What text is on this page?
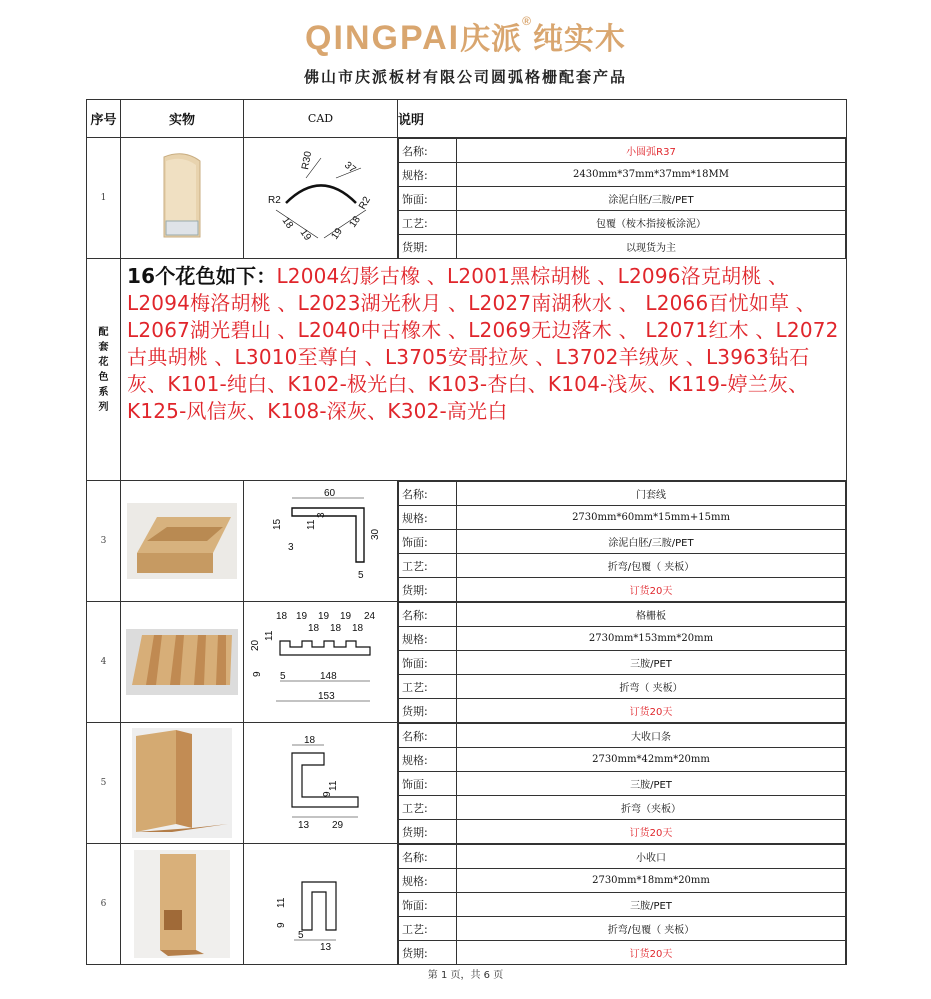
QINGPAI庆派®纯实木
佛山市庆派板材有限公司圆弧格栅配套产品
序号	实物	CAD	说明
1	

R30	37
R2	R2
18
19 19
18

名称:	小圆弧R37
规格:	2430mm*37mm*37mm*18MM
饰面:	涂泥白胚/三胺/PET
工艺:	包覆（桉木指接板涂泥）
货期:	以现货为主

配套花色系列

16个花色如下：L2004幻影古橡 、L2001黑棕胡桃 、L2096洛克胡桃 、L2094梅洛胡桃 、L2023湖光秋月 、L2027南湖秋水 、 L2066百忧如草 、L2067湖光碧山 、L2040中古橡木 、L2069无边落木 、 L2071红木 、L2072古典胡桃 、L3010至尊白 、L3705安哥拉灰 、L3702羊绒灰 、L3963钻石灰、K101-纯白、K102-极光白、K103-杏白、K104-浅灰、K119-婷兰灰、K125-风信灰、K108-深灰、K302-高光白

3	

60
15 11
3
30
3
5

名称:	门套线
规格:	2730mm*60mm*15mm+15mm
饰面:	涂泥白胚/三胺/PET
工艺:	折弯/包覆（ 夹板）
货期:	订货20天

4	

18 19 19 19 24
18 18 18
11
20
9 5	148
153

名称:	格栅板
规格:	2730mm*153mm*20mm
饰面:	三胺/PET
工艺:	折弯（ 夹板）
货期:	订货20天

5	

18
9
11
13 29

名称:	大收口条
规格:	2730mm*42mm*20mm
饰面:	三胺/PET
工艺:	折弯（夹板）
货期:	订货20天

6	

9
11
5
13

名称:	小收口
规格:	2730mm*18mm*20mm
饰面:	三胺/PET
工艺:	折弯/包覆（ 夹板）
货期:	订货20天
第 1 页，共 6 页
